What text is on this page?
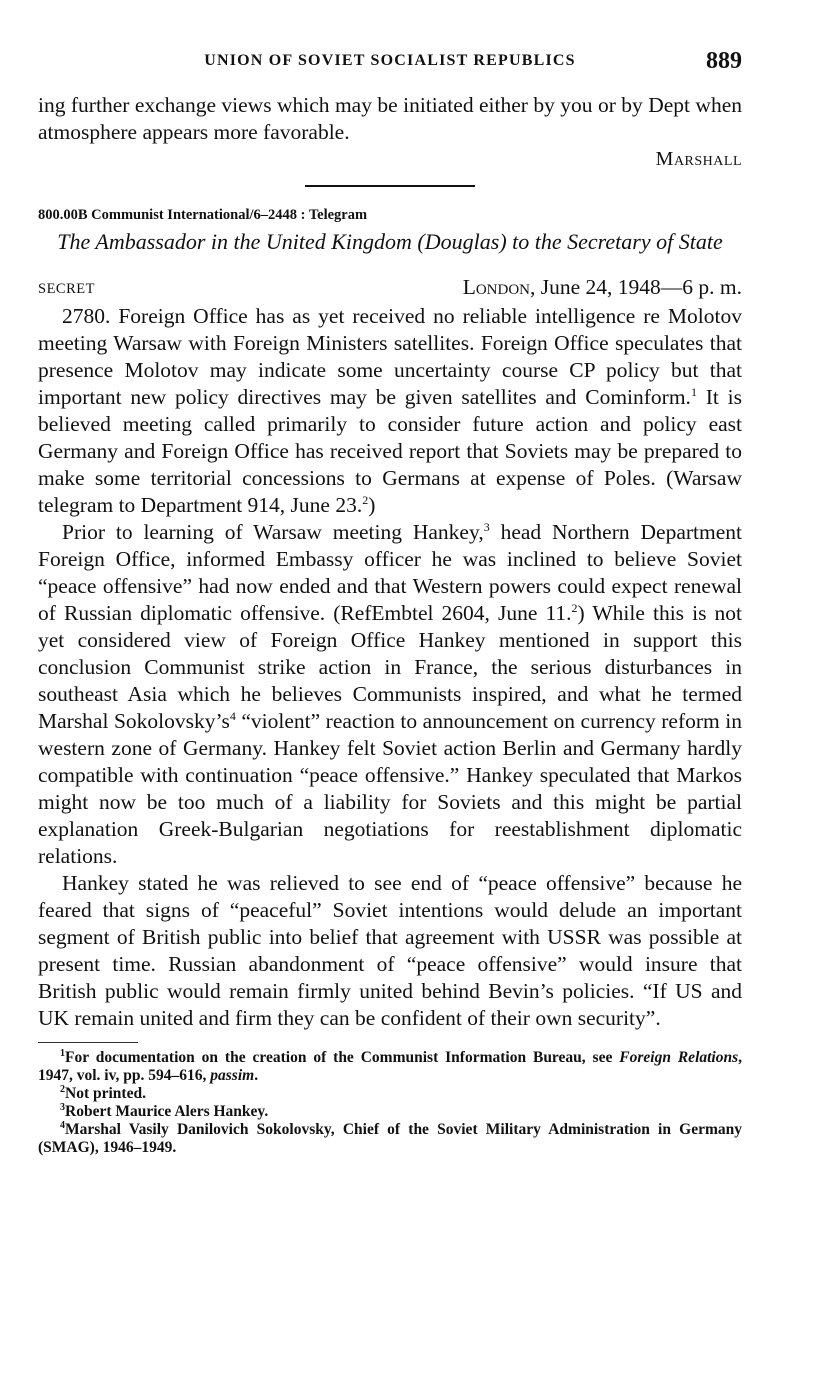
UNION OF SOVIET SOCIALIST REPUBLICS	889

ing further exchange views which may be initiated either by you or by Dept when atmosphere appears more favorable.

Marshall
800.00B Communist International/6–2448 : Telegram

The Ambassador in the United Kingdom (Douglas) to the Secretary of State

SECRET	London, June 24, 1948—6 p. m.

2780. Foreign Office has as yet received no reliable intelligence re Molotov meeting Warsaw with Foreign Ministers satellites. Foreign Office speculates that presence Molotov may indicate some uncertainty course CP policy but that important new policy directives may be given satellites and Cominform.$^1$ It is believed meeting called primarily to consider future action and policy east Germany and Foreign Office has received report that Soviets may be prepared to make some territorial concessions to Germans at expense of Poles. (Warsaw telegram to Department 914, June 23.$^2$)

Prior to learning of Warsaw meeting Hankey,$^3$ head Northern Department Foreign Office, informed Embassy officer he was inclined to believe Soviet “peace offensive” had now ended and that Western powers could expect renewal of Russian diplomatic offensive. (RefEmbtel 2604, June 11.$^2$) While this is not yet considered view of Foreign Office Hankey mentioned in support this conclusion Communist strike action in France, the serious disturbances in southeast Asia which he believes Communists inspired, and what he termed Marshal $Sokolovsky’s^4$ “violent” reaction to announcement on currency reform in western zone of Germany. Hankey felt Soviet action Berlin and Germany hardly compatible with continuation “peace offensive.” Hankey speculated that Markos might now be too much of a liability for Soviets and this might be partial explanation Greek-Bulgarian negotiations for reestablishment diplomatic relations.

Hankey stated he was relieved to see end of “peace offensive” because he feared that signs of “peaceful” Soviet intentions would delude an important segment of British public into belief that agreement with USSR was possible at present time. Russian abandonment of “peace offensive” would insure that British public would remain firmly united behind Bevin’s policies. “If US and UK remain united and firm they can be confident of their own security”.

$^1$For documentation on the creation of the Communist Information Bureau, see Foreign Relations, 1947, vol. iv, pp. 594–616, passim.

$^2$Not printed.

$^3$Robert Maurice Alers Hankey.

$^4$Marshal Vasily Danilovich Sokolovsky, Chief of the Soviet Military Administration in Germany (SMAG), 1946–1949.
